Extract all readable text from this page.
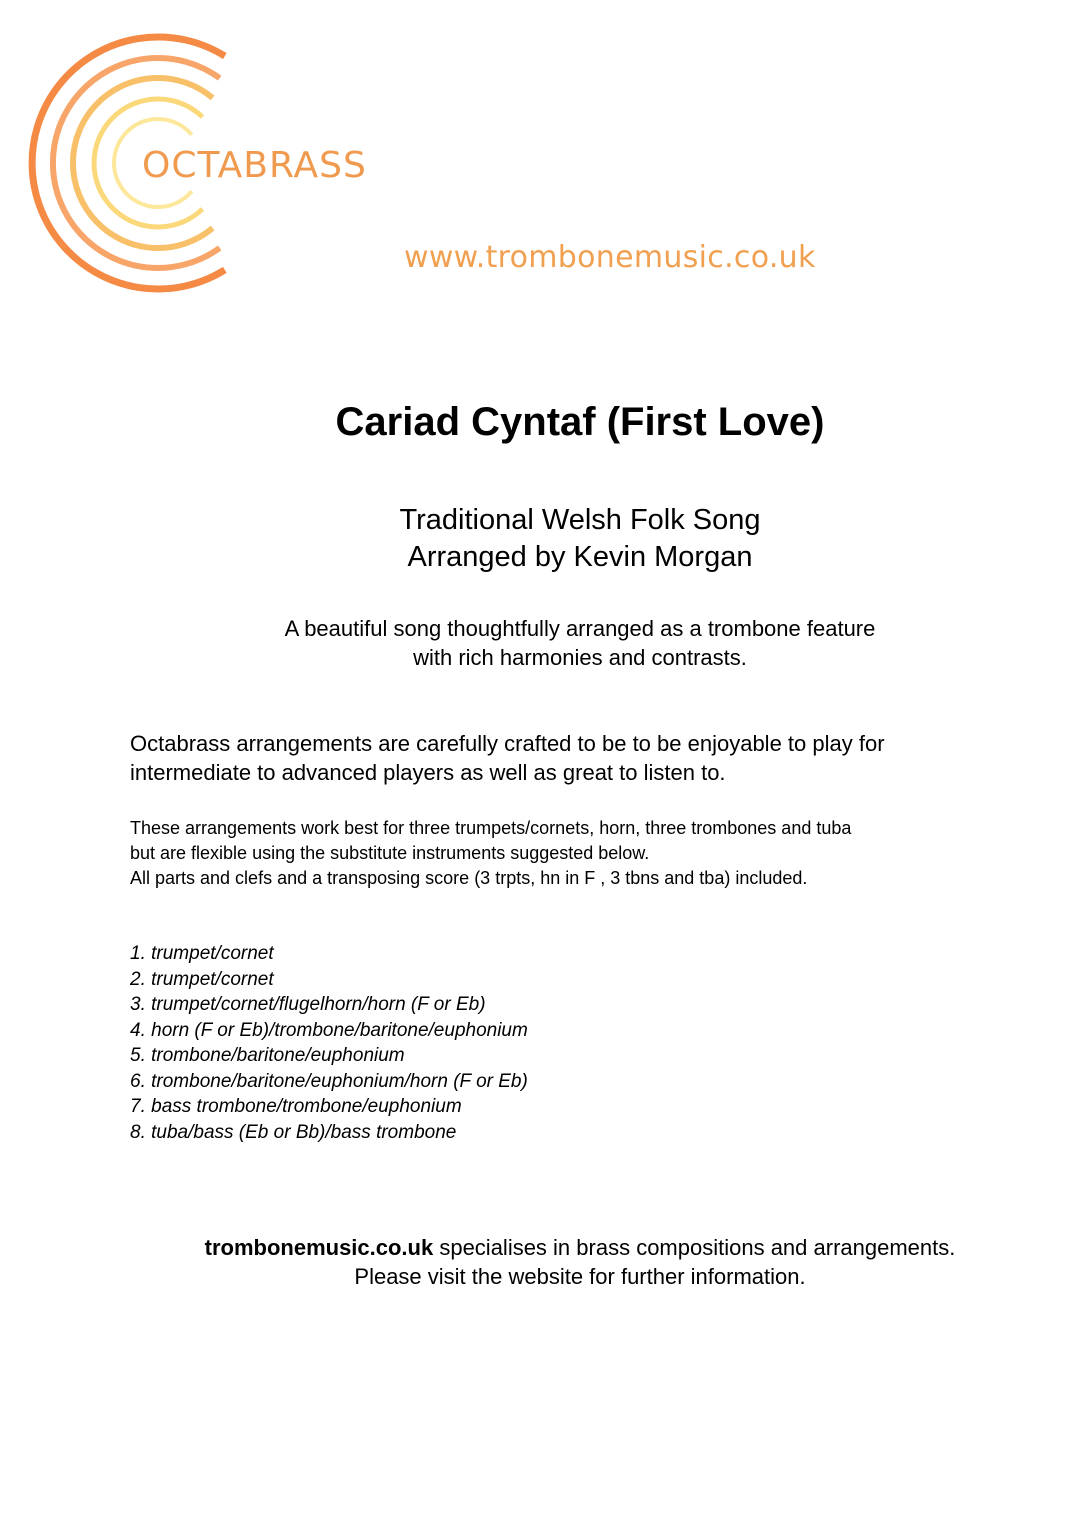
OCTABRASS
www.trombonemusic.co.uk
Cariad Cyntaf (First Love)
Traditional Welsh Folk Song
Arranged by Kevin Morgan
A beautiful song thoughtfully arranged as a trombone feature
with rich harmonies and contrasts.
Octabrass arrangements are carefully crafted to be to be enjoyable to play for
intermediate to advanced players as well as great to listen to.
These arrangements work best for three trumpets/cornets, horn, three trombones and tuba
but are flexible using the substitute instruments suggested below.
All parts and clefs and a transposing score (3 trpts, hn in F , 3 tbns and tba) included.
1. trumpet/cornet
2. trumpet/cornet
3. trumpet/cornet/flugelhorn/horn (F or Eb)
4. horn (F or Eb)/trombone/baritone/euphonium
5. trombone/baritone/euphonium
6. trombone/baritone/euphonium/horn (F or Eb)
7. bass trombone/trombone/euphonium
8. tuba/bass (Eb or Bb)/bass trombone
trombonemusic.co.uk specialises in brass compositions and arrangements.
Please visit the website for further information.
